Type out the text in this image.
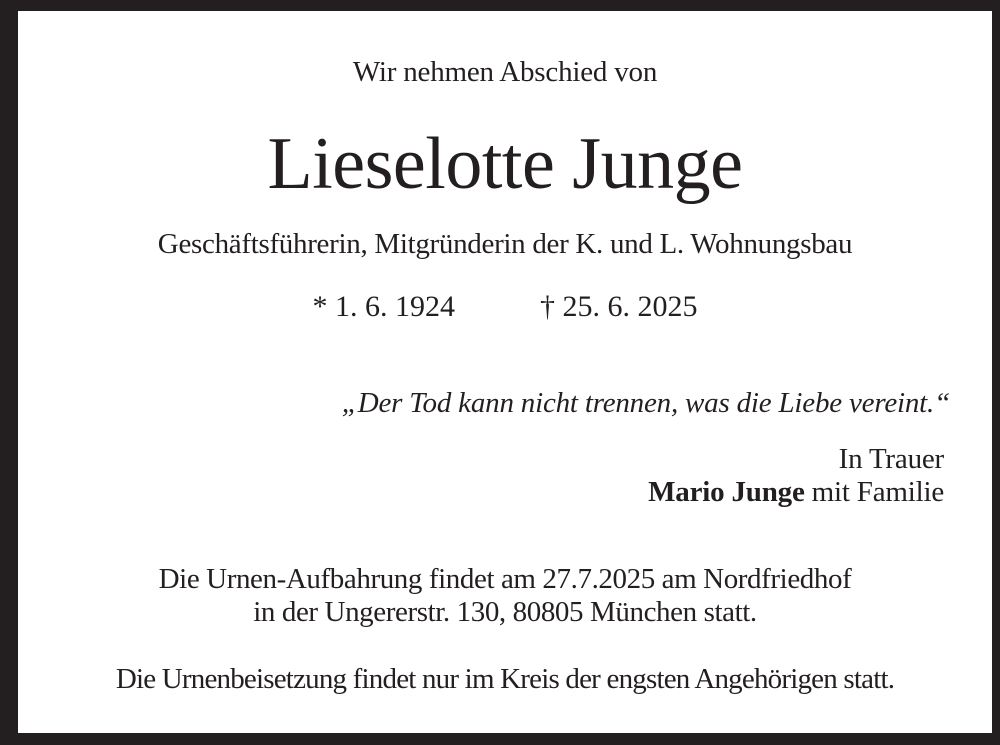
Wir nehmen Abschied von
Lieselotte Junge
Geschäftsführerin, Mitgründerin der K. und L. Wohnungsbau
* 1. 6. 1924	† 25. 6. 2025
„Der Tod kann nicht trennen, was die Liebe vereint.“
In Trauer
Mario Junge mit Familie
Die Urnen-Aufbahrung findet am 27.7.2025 am Nordfriedhof
in der Ungererstr. 130, 80805 München statt.
Die Urnenbeisetzung findet nur im Kreis der engsten Angehörigen statt.
